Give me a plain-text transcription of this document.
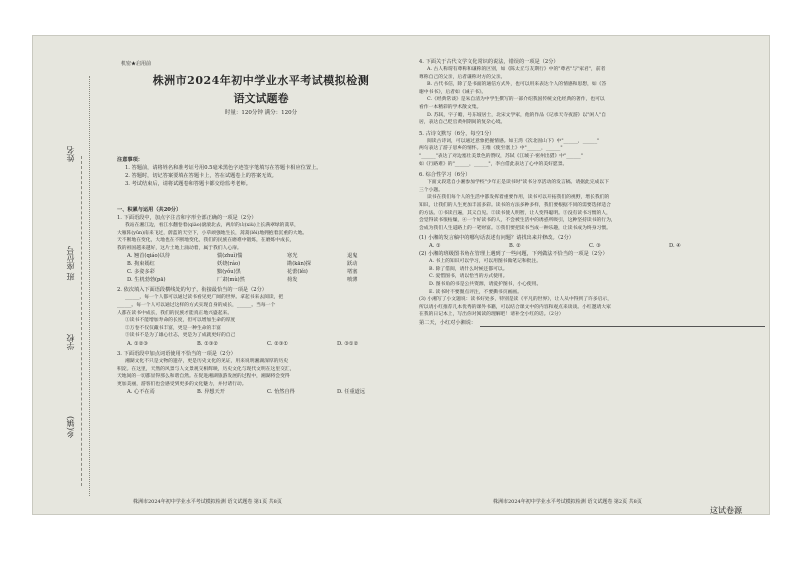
姓名
班 座位号
学校
乡(镇)
机密★启用前
株洲市2024年初中学业水平考试模拟检测
语文试题卷
时量：120分钟 满分：120分
注意事项：
1. 答题前，请将姓名和准考证号用0.5毫米黑色字迹签字笔填写在答题卡相应位置上。
2. 答题时，切记答案要填在答题卡上，答在试题卷上的答案无效。
3. 考试结束后，请将试题卷和答题卡都交给监考老师。
一、积累与运用（共20分）
1. 下面语段中，加点字注音和字形全部正确的一项是（2分）
我站在湘江边，看江水翻卷着(qiào)滚滚北去，两岸的山(xiù)上长满翠绿的蒿草，
大雁阵(yǔn)南来飞过，蔚蓝的天空下，小草顽强地生长，蒿蒿(lěi)地拥抱着沉重的大地。
天不断地在变化，大地也在不断地变化，我们的民族在磨难中锻炼，在磨炼中成长，
我的祖国越来越好，这片土地上涌动着，属于我们人心扉。
A. 翘首(qiáo)以待	惴(zhuì)惴	寒光	退鬼
B. 拘束嫣红	妖娆(ráo)	勘(kān)探	跃动
C. 多姿多彩	黯(yǒu)黑	花蕾(lěi)	堵塞
D. 生机勃勃(pā)	厂肃(mù)然	荷发	喷薄
2. 依次填入下面语段横线处的句子，衔接最恰当的一项是（2分）
______，每一个人都可以通过读书看见更广阔的世界。拿起书来去阅读，把
______。每一个人可以通过这样的方式实现自身的成长，______。当每一个
人都在读书中成长，我们的民族才能真正地兴盛起来。
①读书不能增加寿命的长度，但可以增加生命的厚度
②万卷不仅仅藏书丰富，更是一种生命的丰富
③读书不是为了雄心壮志，更是为了成就更好的自己
A. ①②③	B. ①③②	C. ②③①	D. ③①②
3. 下面语段中加点词语使用不恰当的一项是（2分）
湘湖文化不只是文物的遗存，更是历史文化的见证，用来说明湘湖深厚的历史
积淀。在这里，天然的风景与人文景观交相辉映，历史文化与现代文明在这里交汇，
天地间的一切都显得那么和谐自然。在促进湘湖旅游发展的过程中，湘湖将会变得
更加美丽，游客们也会感受到更多的文化魅力，并付诸行动。
A. 心不在焉	B. 异想天开	C. 怡然自得	D. 任重道远
株洲市2024年初中学业水平考试模拟检测 语文试题卷 第1页 共8页
4. 下面关于古代文学文化常识的说法，错误的一项是（2分）
A. 古人称谓有尊称和谦称的区别，如《陈太丘与友期行》中的"尊君"与"家君"，前者
尊称自己的父亲，后者谦称对方的父亲。
B. 古代书信，除了是书面的通信方式外，也可以用来表达个人的情感和思想，如《答
谢中书书》，后者如《诫子书》。
C.《经典常谈》是朱自清为中学生撰写的一部介绍我国传统文化经典的著作，也可以
看作一本精彩的学术散文集。
D. 苏轼，字子瞻，号东坡居士，北宋文学家，他的作品《记承天寺夜游》以"闲人"自
居，表达自己贬官黄州期间的复杂心境。
5. 古诗文默写（6分，每空1分）
阅读古诗词，可以通过意象把握情感。如王湾《次北固山下》中"______，______"
两句表达了游子思乡的情怀。王维《使至塞上》中"______，______"
"______"表达了对边塞壮美景色的赞叹，苏轼《江城子·密州出猎》中"______"
如《行路难》的"______，______"，李白借此表达了心中的美好愿景。
6. 综合性学习（6分）
下面文段选自小湘参加学校"少年正是读书时"读书分享活动的发言稿。请据此完成以下
三个小题。
读书在我们每个人的生活中都发挥着重要作用，读书可以开拓我们的视野，增长我们的
知识，让我们的人生更加丰富多彩。读书的方法多种多样，我们要根据不同的需要选择适合
的方法。①书读百遍，其义自见。②读书使人明智，让人变得聪明。③没有读书习惯的人，
会觉得读书很枯燥，④一个好读书的人，不会被生活中的诱惑所吸引，这种坚持读书的行为，
会成为我们人生道路上的一笔财富。⑤我们要把读书当成一种乐趣，让读书成为终身习惯。
(1) 小湘的发言稿中的哪句话表述有问题？请找出来并修改。（2分）
A. ①	B. ②	C. ③	D. ④
(2) 小湘的班级图书角在管理上遇到了一些问题，下列做法不恰当的一项是（2分）
A. 书上的知识可以学习，可以用图书做笔记和批注。
B. 除了借阅，请什么时候还都可以。
C. 爱惜图书，请以恰当的方式使用。
D. 图书角的书是公共资源，请爱护图书，小心使用。
E. 读书时不要圈点评注，不要撕书页画画。
(3) 小湘写了小文题说：读书好处多，特别是读《平凡的世界》，让人从中得到了许多启示，
所以请小红推荐几本优秀的课外书籍，可以结合课文中的内容和观点来谈谈。小红邀请大家
在我的日记本上，写出你对阅读的理解吧！请补全小红的话。（2分）
第二天，小红对小湘说：
株洲市2024年初中学业水平考试模拟检测 语文试题卷 第2页 共8页
这试卷源
